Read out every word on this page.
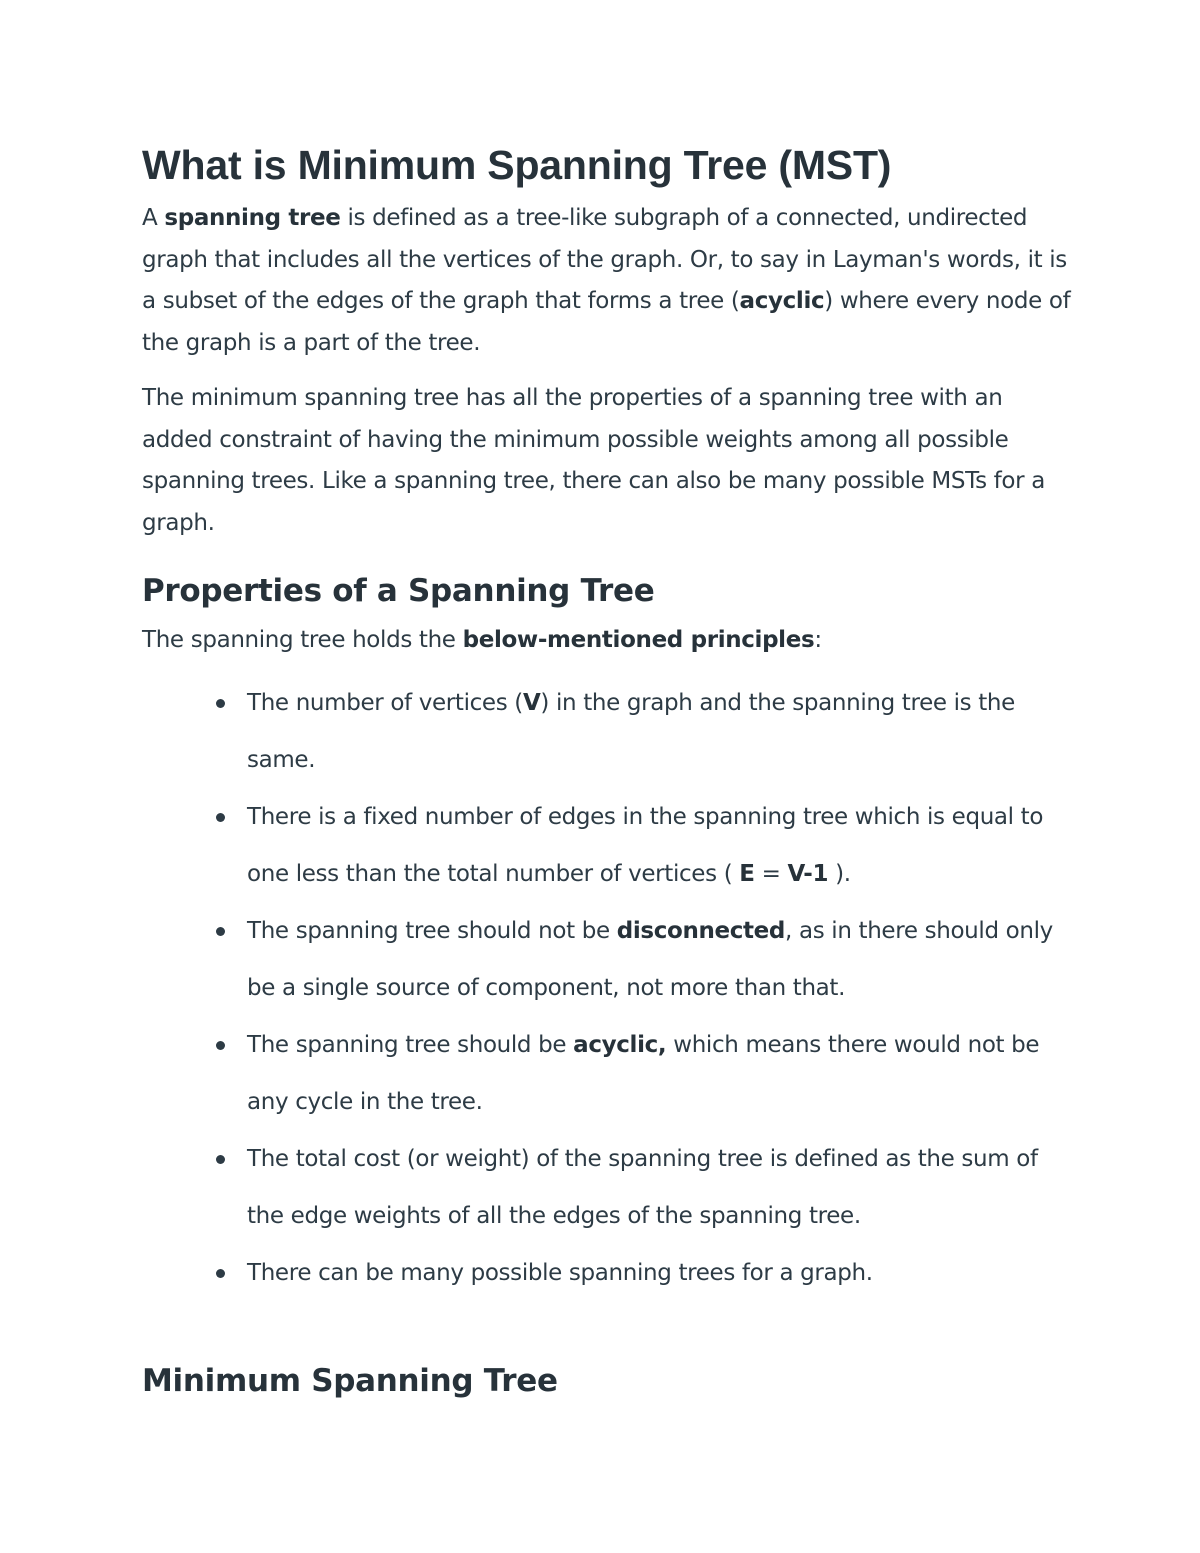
What is Minimum Spanning Tree (MST)

A spanning tree is defined as a tree-like subgraph of a connected, undirected graph that includes all the vertices of the graph. Or, to say in Layman's words, it is a subset of the edges of the graph that forms a tree (acyclic) where every node of the graph is a part of the tree.

The minimum spanning tree has all the properties of a spanning tree with an added constraint of having the minimum possible weights among all possible spanning trees. Like a spanning tree, there can also be many possible MSTs for a graph.

Properties of a Spanning Tree

The spanning tree holds the below-mentioned principles:

The number of vertices (V) in the graph and the spanning tree is the same.
There is a fixed number of edges in the spanning tree which is equal to one less than the total number of vertices ( E = V-1 ).
The spanning tree should not be disconnected, as in there should only be a single source of component, not more than that.
The spanning tree should be acyclic, which means there would not be any cycle in the tree.
The total cost (or weight) of the spanning tree is defined as the sum of the edge weights of all the edges of the spanning tree.
There can be many possible spanning trees for a graph.
Minimum Spanning Tree
